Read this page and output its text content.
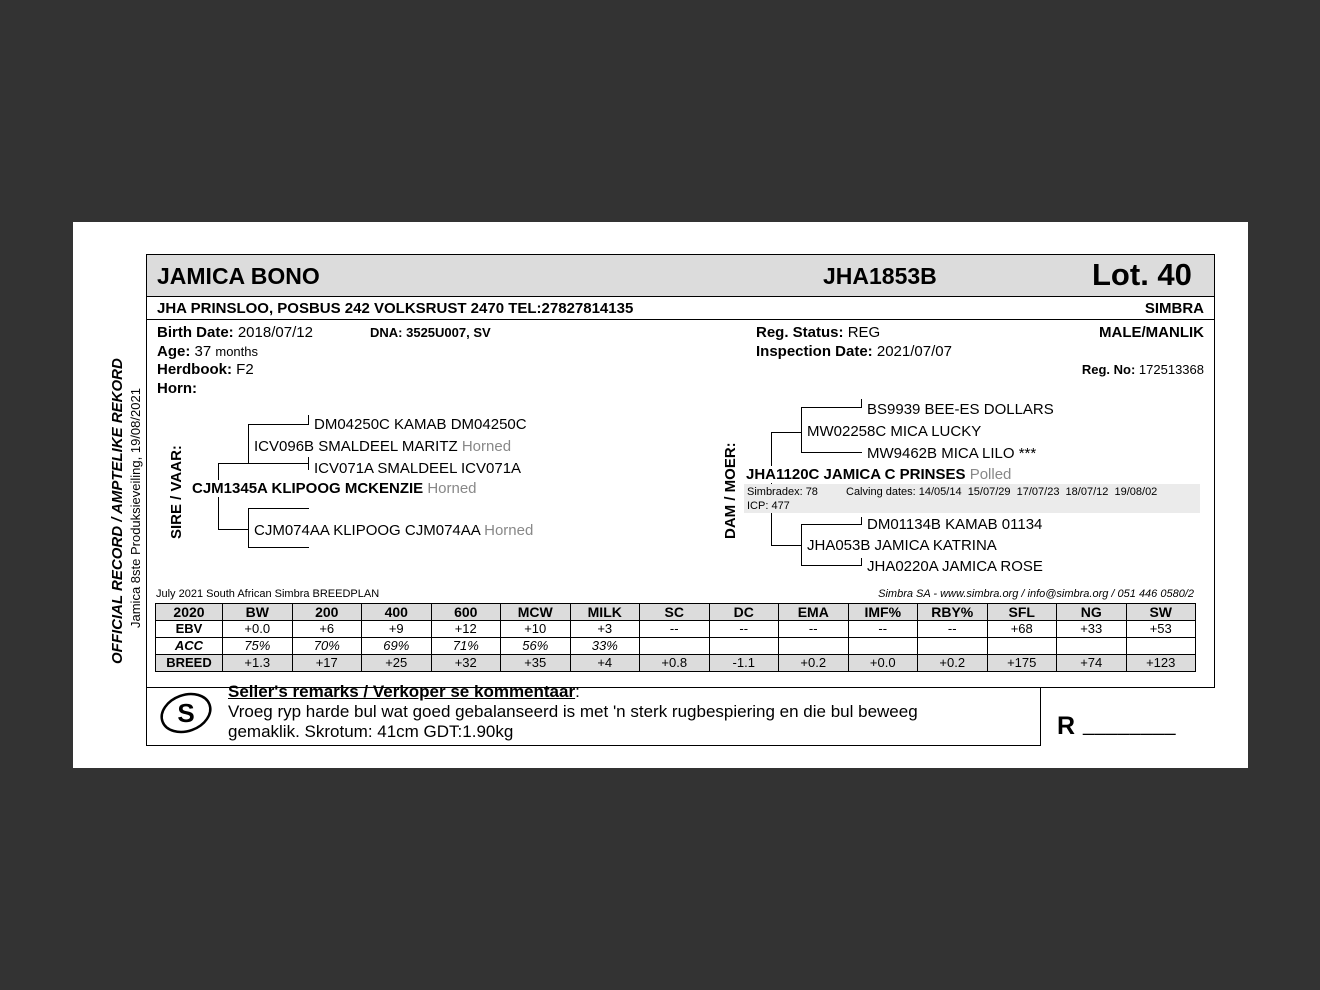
OFFICIAL RECORD / AMPTELIKE REKORD Jamica 8ste Produksieveiling, 19/08/2021
JAMICA BONO	JHA1853B	Lot. 40
JHA PRINSLOO, POSBUS 242 VOLKSRUST 2470 TEL:27827814135	SIMBRA
Birth Date: 2018/07/12	DNA: 3525U007, SV
Age: 37 months
Herdbook: F2
Horn:
Reg. Status: REG
Inspection Date: 2021/07/07
MALE/MANLIK
Reg. No: 172513368
SIRE / VAAR:
DM04250C KAMAB DM04250C
ICV096B SMALDEEL MARITZ Horned
ICV071A SMALDEEL ICV071A
CJM1345A KLIPOOG MCKENZIE Horned
CJM074AA KLIPOOG CJM074AA Horned	DAM / MOER:
BS9939 BEE-ES DOLLARS
MW02258C MICA LUCKY
MW9462B MICA LILO ***
JHA1120C JAMICA C PRINSES Polled
Simbradex: 78	Calving dates: 14/05/14  15/07/29  17/07/23  18/07/12  19/08/02
ICP: 477
DM01134B KAMAB 01134
JHA053B JAMICA KATRINA
JHA0220A JAMICA ROSE
July 2021 South African Simbra BREEDPLAN	Simbra SA - www.simbra.org / info@simbra.org / 051 446 0580/2
2020	BW	200	400	600	MCW	MILK	SC	DC	EMA	IMF%	RBY%	SFL	NG	SW
EBV	+0.0	+6	+9	+12	+10	+3	--	--	--	--	--	+68	+33	+53
ACC	75%	70%	69%	71%	56%	33%								
BREED	+1.3	+17	+25	+32	+35	+4	+0.8	-1.1	+0.2	+0.0	+0.2	+175	+74	+123
S
Seller's remarks / Verkoper se kommentaar:
Vroeg ryp harde bul wat goed gebalanseerd is met 'n sterk rugbespiering en die bul beweeg
gemaklik. Skrotum: 41cm GDT:1.90kg	R ________
